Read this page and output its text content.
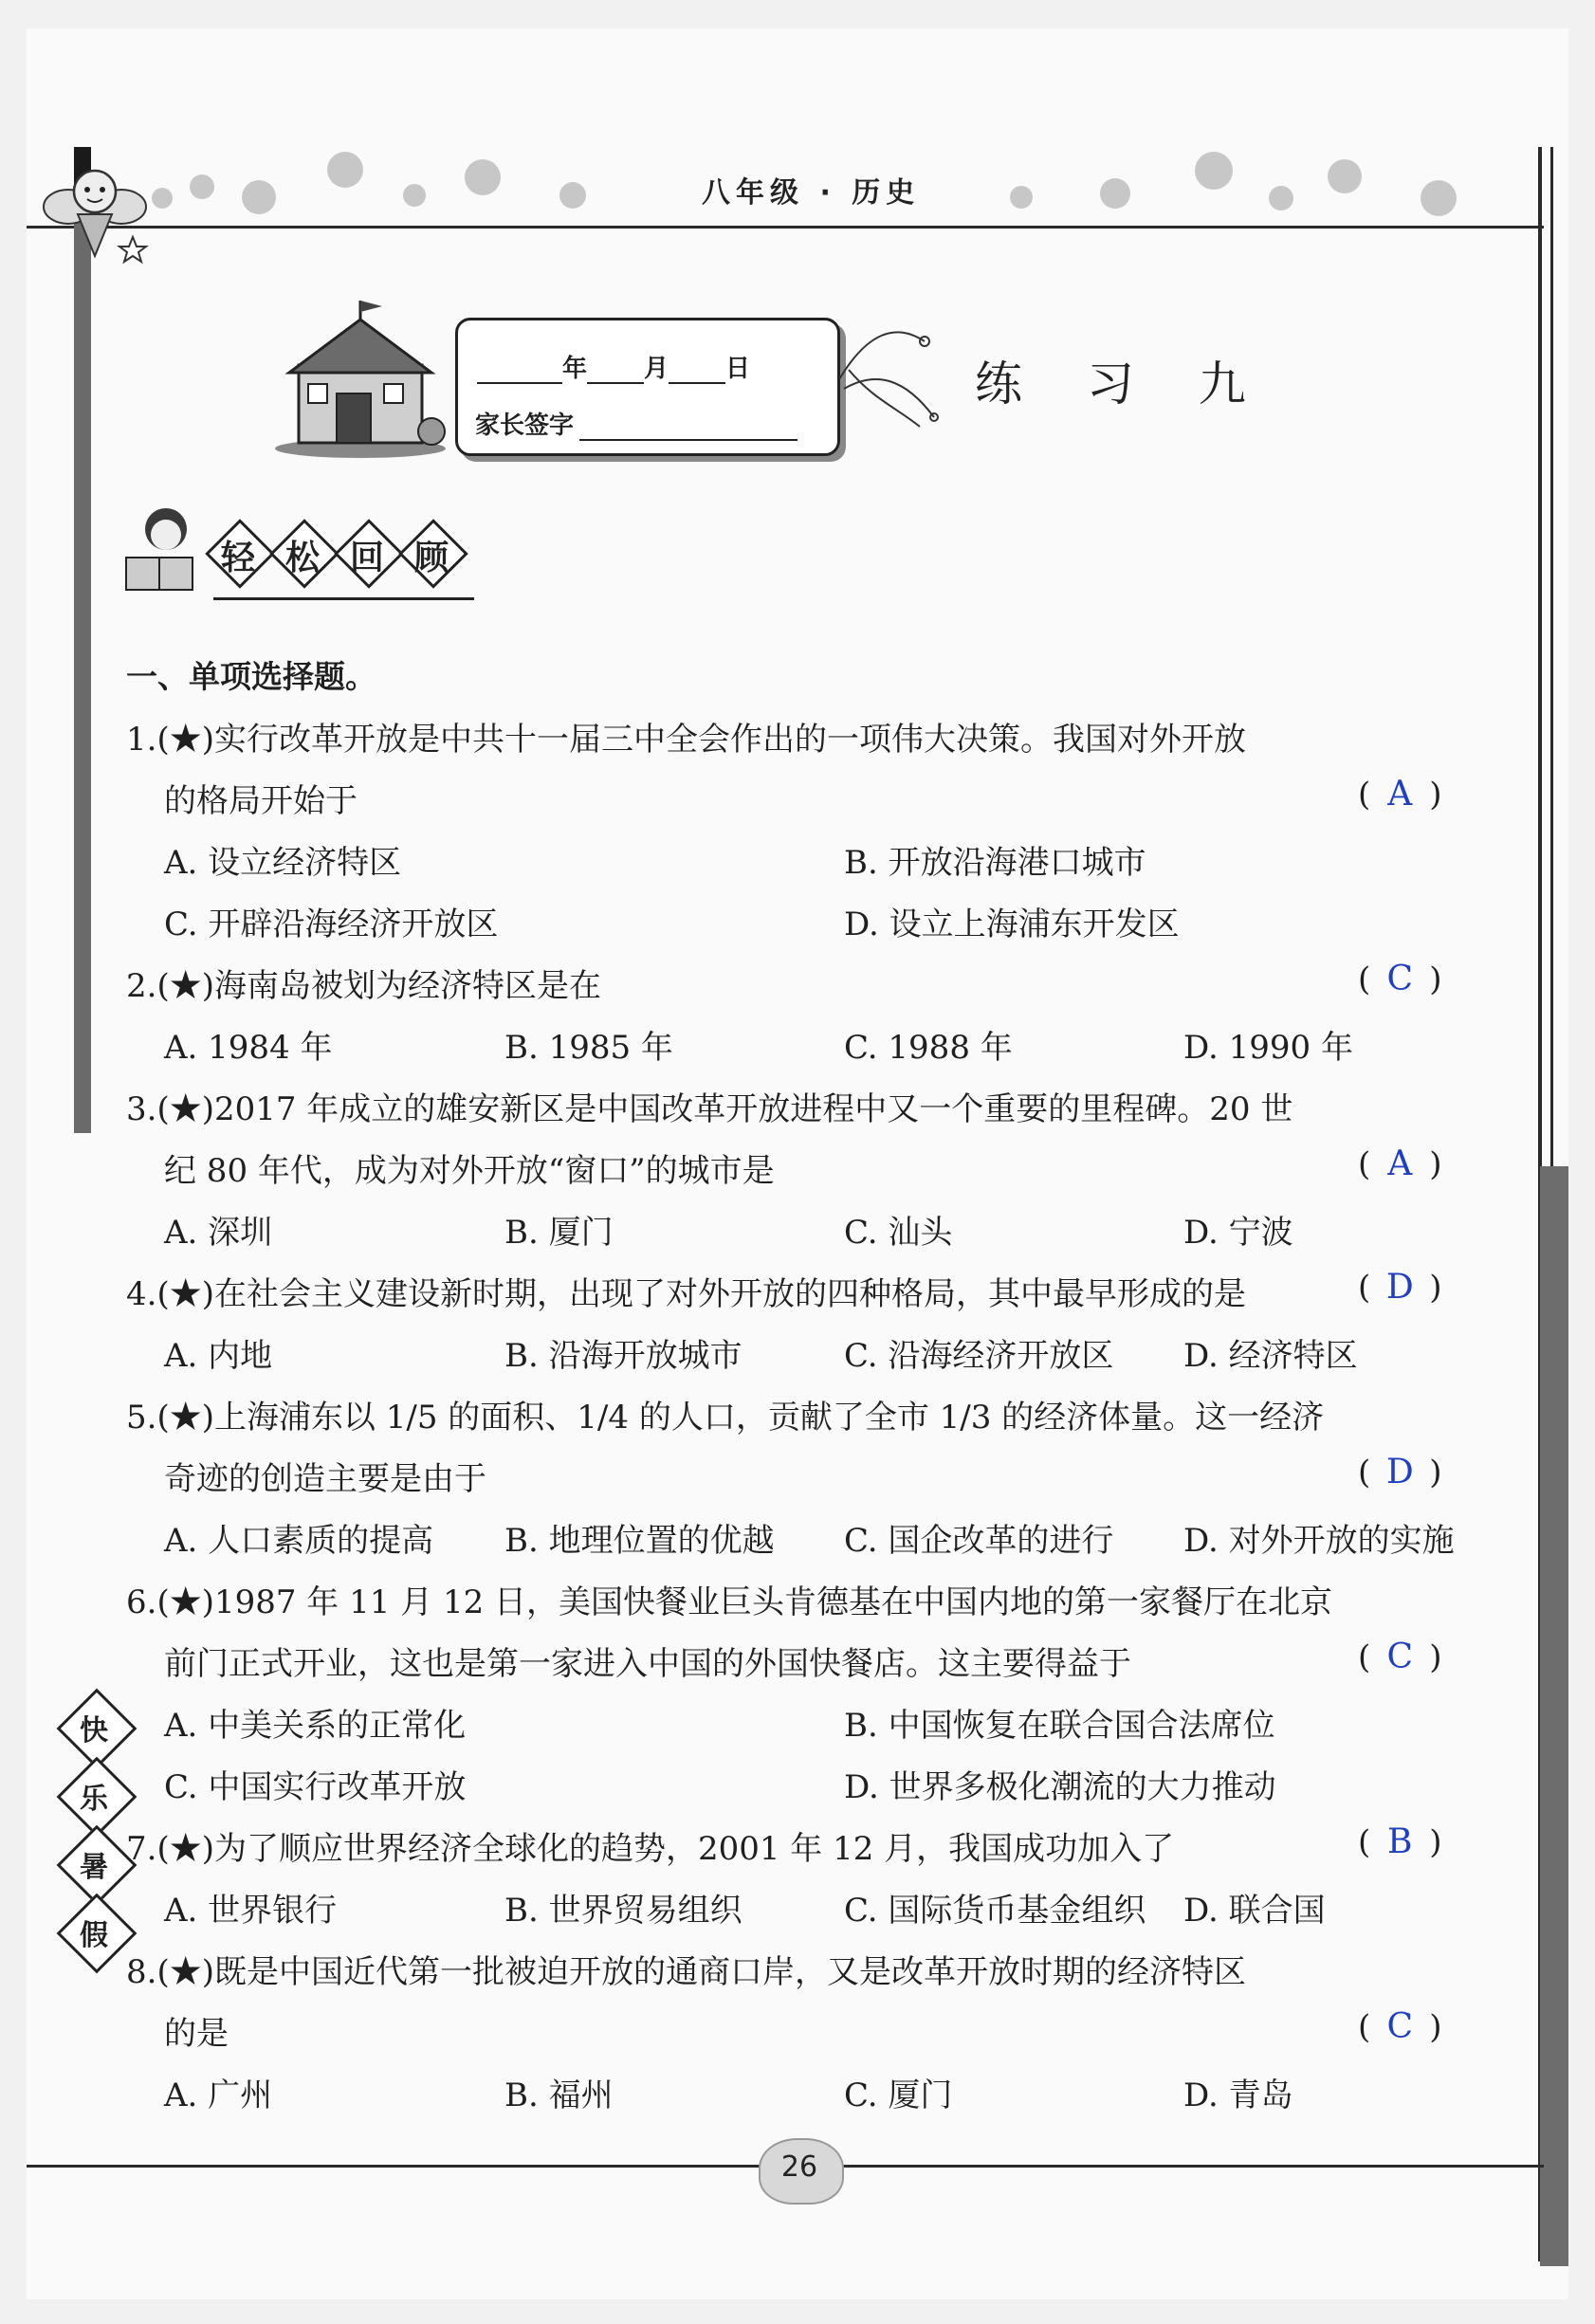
八年级 · 历史
年 月 日
家长签字
练 习 九
轻 松 回 顾
一、单项选择题。
1.(★)实行改革开放是中共十一届三中全会作出的一项伟大决策。我国对外开放
的格局开始于	( A )
A. 设立经济特区	B. 开放沿海港口城市
C. 开辟沿海经济开放区	D. 设立上海浦东开发区
2.(★)海南岛被划为经济特区是在	( C )
A. 1984 年	B. 1985 年	C. 1988 年	D. 1990 年
3.(★)2017 年成立的雄安新区是中国改革开放进程中又一个重要的里程碑。20 世
纪 80 年代，成为对外开放“窗口”的城市是	( A )
A. 深圳	B. 厦门	C. 汕头	D. 宁波
4.(★)在社会主义建设新时期，出现了对外开放的四种格局，其中最早形成的是	( D )
A. 内地	B. 沿海开放城市	C. 沿海经济开放区 D. 经济特区
5.(★)上海浦东以 1/5 的面积、1/4 的人口，贡献了全市 1/3 的经济体量。这一经济
奇迹的创造主要是由于	( D )
A. 人口素质的提高 B. 地理位置的优越 C. 国企改革的进行 D. 对外开放的实施
6.(★)1987 年 11 月 12 日，美国快餐业巨头肯德基在中国内地的第一家餐厅在北京
前门正式开业，这也是第一家进入中国的外国快餐店。这主要得益于	( C )
A. 中美关系的正常化	B. 中国恢复在联合国合法席位
C. 中国实行改革开放	D. 世界多极化潮流的大力推动
7.(★)为了顺应世界经济全球化的趋势，2001 年 12 月，我国成功加入了	( B )
A. 世界银行	B. 世界贸易组织	C. 国际货币基金组织 D. 联合国
8.(★)既是中国近代第一批被迫开放的通商口岸，又是改革开放时期的经济特区
的是	( C )
A. 广州	B. 福州	C. 厦门	D. 青岛
快
乐
暑
假
26
